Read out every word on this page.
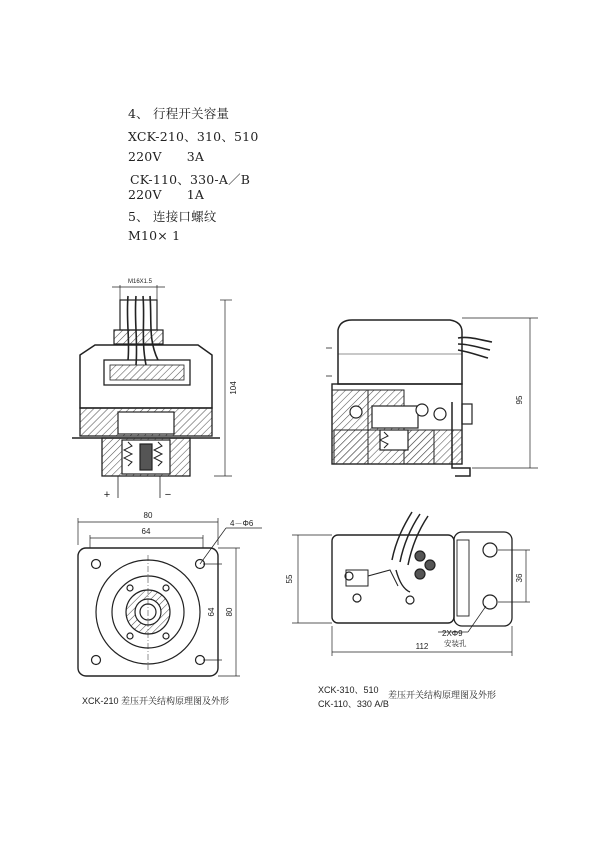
4、 行程开关容量
XCK-210、310、510
220V      3A
CK-110、330-A／B
220V      1A
5、 连接口螺纹
M10× 1
M16X1.5
104
+	−
80
64
64 80
4－Φ6
95
55	36
2XΦ9
安装孔
112
XCK-210 差压开关结构原理图及外形
XCK-310、510
CK-110、330 A/B
差压开关结构原理图及外形
